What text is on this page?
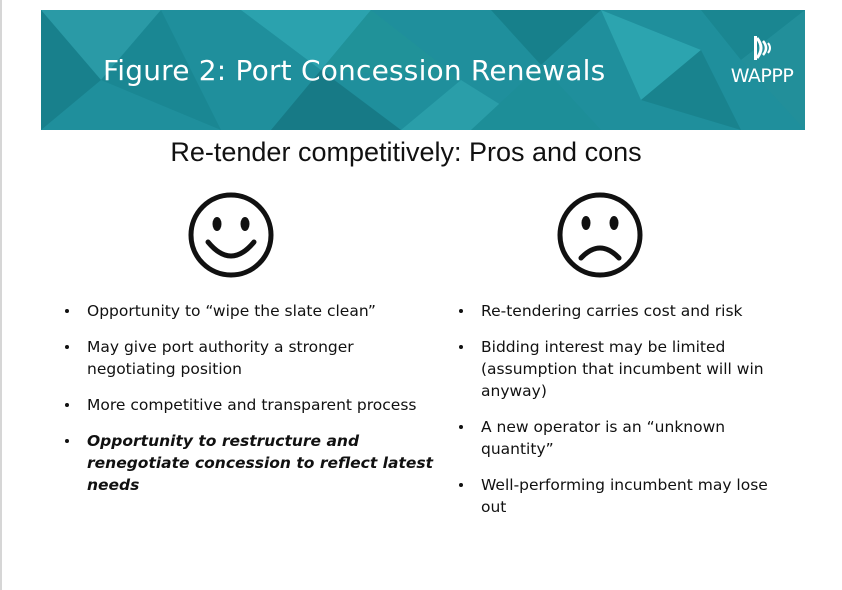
Figure 2: Port Concession Renewals	WAPPP
Re-tender competitively: Pros and cons
Opportunity to “wipe the slate clean”
May give port authority a stronger negotiating position
More competitive and transparent process
Opportunity to restructure and renegotiate concession to reflect latest needs
Re-tendering carries cost and risk
Bidding interest may be limited (assumption that incumbent will win anyway)
A new operator is an “unknown quantity”
Well-performing incumbent may lose out
